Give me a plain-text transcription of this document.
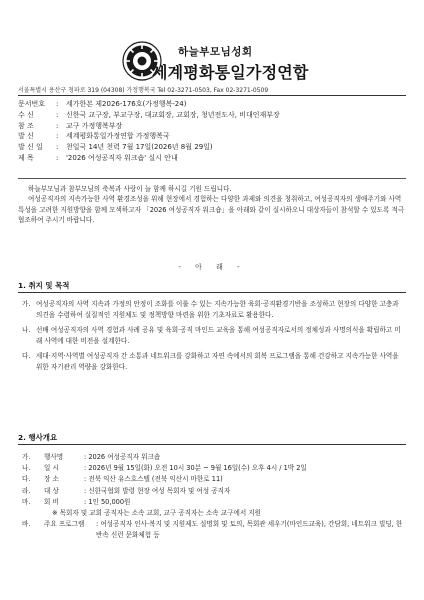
하늘부모님성회
세계평화통일가정연합
서울특별시 용산구 청파로 319 (04308) 가정행복국 Tel 02-3271-0503, Fax 02-3271-0509
문서번호	:	세가한본 제2026-176호(가정행복-24)
수 신	:	신한국 교구장, 부교구장, 대교회장, 교회장, 청년전도사, 비대인재부장
참 조	:	교구 가정행복부장
발 신	:	세계평화통일가정연합 가정행복국
발 신 일	:	천일국 14년 천력 7월 17일(2026년 8월 29일)
제 목	:	'2026 여성공직자 워크숍' 실시 안내

하늘부모님과 참부모님의 축복과 사랑이 늘 함께 하시길 기원 드립니다.

여성공직자의 지속가능한 사역 환경조성을 위해 현장에서 경험하는 다양한 과제와 의견을 청취하고, 여성공직자의 생애주기와 사역 특성을 고려한 지원방향을 함께 모색하고자 「2026 여성공직자 워크숍」을 아래와 같이 실시하오니 대상자들이 참석할 수 있도록 적극 협조하여 주시기 바랍니다.

- 아 래 -
1. 취지 및 목적
가. 여성공직자의 사역 지속과 가정의 안정이 조화를 이룰 수 있는 지속가능한 육회·공직환경기반을 조성하고 현장의 다양한 고충과 의견을 수렴하여 실질적인 지원체도 및 정책방향 마련을 위한 기초자료로 활용한다.
나. 선배 여성공직자의 사역 경험과 사례 공유 및 육회·공직 마인드 교육을 통해 여성공직자로서의 정체성과 사명의식을 확립하고 미래 사역에 대한 비전을 설계한다.
다. 세대·지역·사역별 여성공직자 간 소통과 네트워크를 강화하고 자연 속에서의 회복 프로그램을 통해 건강하고 지속가능한 사역을 위한 자기관리 역량을 강화한다.
2. 행사개요
가.	행사명	: 2026 여성공직자 워크숍
나.	일 시	: 2026년 9월 15일(화) 오전 10시 30분 ~ 9월 16일(수) 오후 4시 / 1박 2일
다.	장 소	: 전북 익산 유스호스텔 (전북 익산시 마한로 11)
라.	대 상	: 신한국협회 발령 현장 여성 목회자 및 여성 공직자
마.	회 비	: 1인 50,000원
※ 목회자 및 교회 공직자는 소속 교회, 교구 공직자는 소속 교구에서 지원
바.	주요 프로그램	: 여성공직자 인사·복지 및 지원제도 설명회 및 토의, 목회관 세우기(마인드교육), 간담회, 네트워크 빌딩, 한반속 신런 문화체험 등
